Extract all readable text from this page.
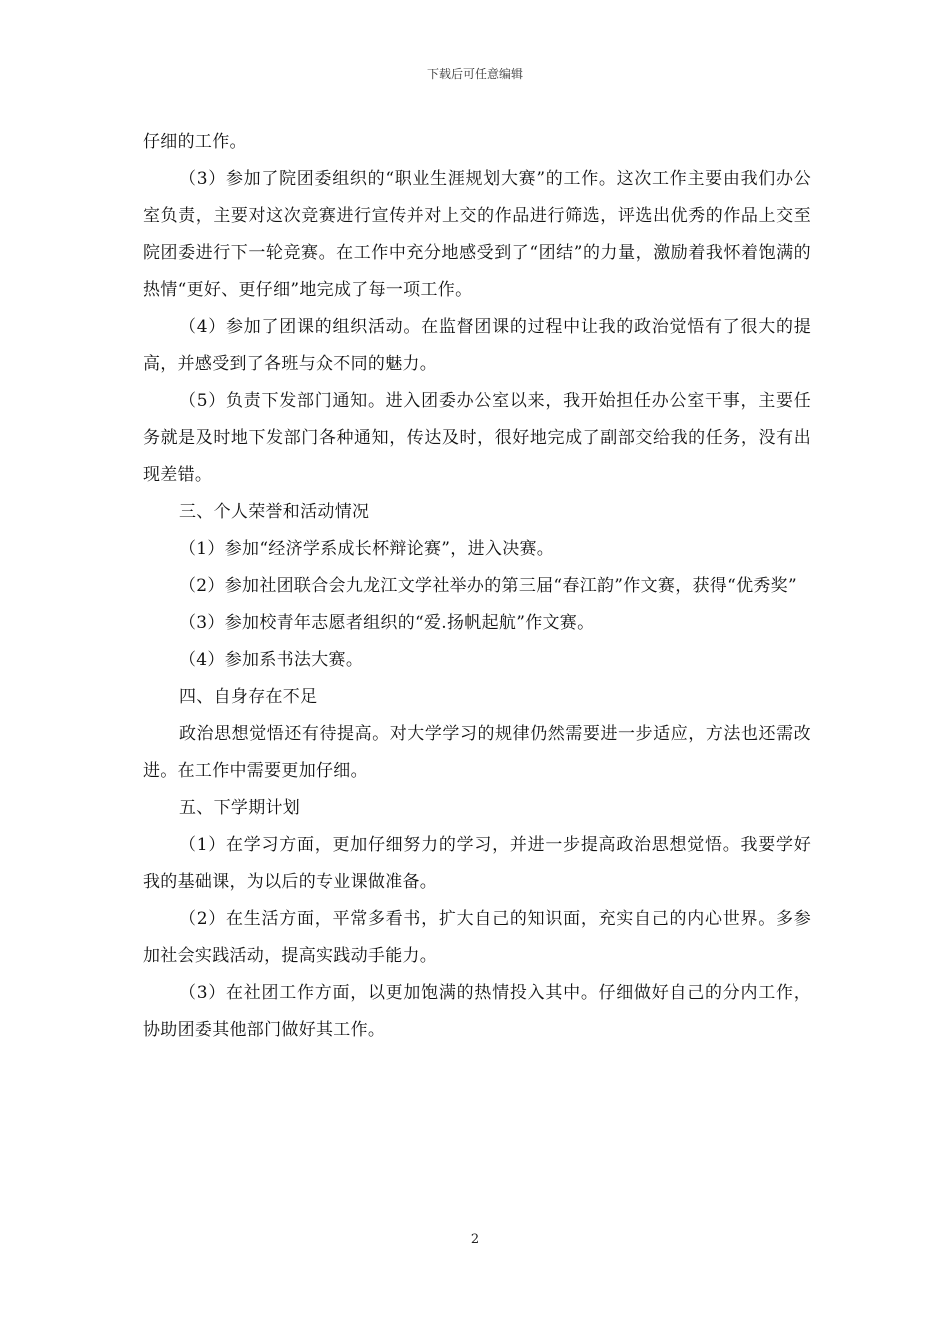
下载后可任意编辑

仔细的工作。

（3）参加了院团委组织的“职业生涯规划大赛”的工作。这次工作主要由我们办公室负责，主要对这次竞赛进行宣传并对上交的作品进行筛选，评选出优秀的作品上交至院团委进行下一轮竞赛。在工作中充分地感受到了“团结”的力量，激励着我怀着饱满的热情“更好、更仔细”地完成了每一项工作。

（4）参加了团课的组织活动。在监督团课的过程中让我的政治觉悟有了很大的提高，并感受到了各班与众不同的魅力。

（5）负责下发部门通知。进入团委办公室以来，我开始担任办公室干事，主要任务就是及时地下发部门各种通知，传达及时，很好地完成了副部交给我的任务，没有出现差错。

三、个人荣誉和活动情况

（1）参加“经济学系成长杯辩论赛”，进入决赛。

（2）参加社团联合会九龙江文学社举办的第三届“春江韵”作文赛，获得“优秀奖”

（3）参加校青年志愿者组织的“爱.扬帆起航”作文赛。

（4）参加系书法大赛。

四、自身存在不足

政治思想觉悟还有待提高。对大学学习的规律仍然需要进一步适应，方法也还需改进。在工作中需要更加仔细。

五、下学期计划

（1）在学习方面，更加仔细努力的学习，并进一步提高政治思想觉悟。我要学好我的基础课，为以后的专业课做准备。

（2）在生活方面，平常多看书，扩大自己的知识面，充实自己的内心世界。多参加社会实践活动，提高实践动手能力。

（3）在社团工作方面，以更加饱满的热情投入其中。仔细做好自己的分内工作，协助团委其他部门做好其工作。

2
